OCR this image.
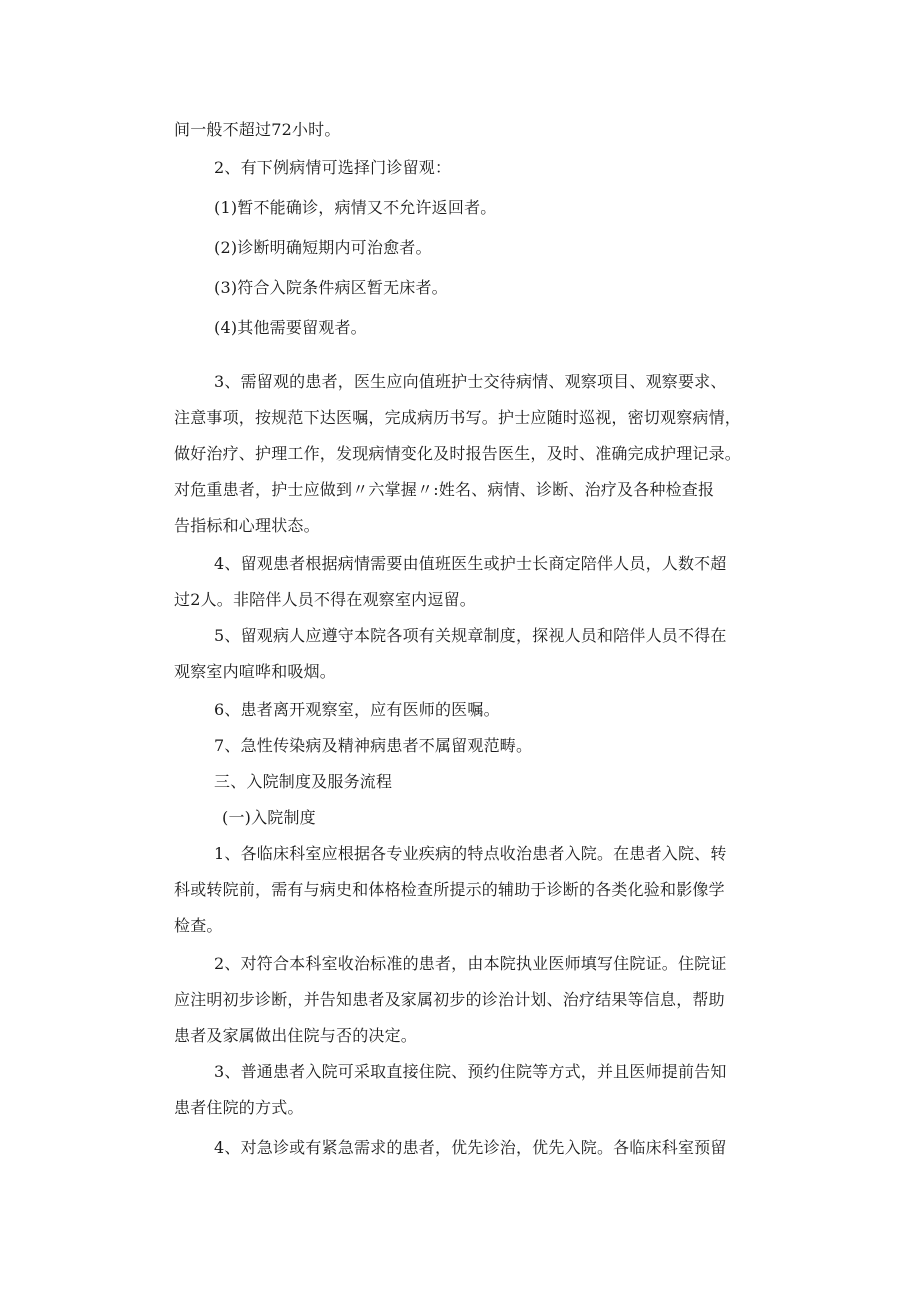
间一般不超过72小时。
2、有下例病情可选择门诊留观：
(1)暂不能确诊，病情又不允许返回者。
(2)诊断明确短期内可治愈者。
(3)符合入院条件病区暂无床者。
(4)其他需要留观者。
3、需留观的患者，医生应向值班护士交待病情、观察项目、观察要求、
注意事项，按规范下达医嘱，完成病历书写。护士应随时巡视，密切观察病情，
做好治疗、护理工作，发现病情变化及时报告医生，及时、准确完成护理记录。
对危重患者，护士应做到〃六掌握〃:姓名、病情、诊断、治疗及各种检查报
告指标和心理状态。
4、留观患者根据病情需要由值班医生或护士长商定陪伴人员，人数不超
过2人。非陪伴人员不得在观察室内逗留。
5、留观病人应遵守本院各项有关规章制度，探视人员和陪伴人员不得在
观察室内喧哗和吸烟。
6、患者离开观察室，应有医师的医嘱。
7、急性传染病及精神病患者不属留观范畴。
三、入院制度及服务流程
(一)入院制度
1、各临床科室应根据各专业疾病的特点收治患者入院。在患者入院、转
科或转院前，需有与病史和体格检查所提示的辅助于诊断的各类化验和影像学
检查。
2、对符合本科室收治标准的患者，由本院执业医师填写住院证。住院证
应注明初步诊断，并告知患者及家属初步的诊治计划、治疗结果等信息，帮助
患者及家属做出住院与否的决定。
3、普通患者入院可采取直接住院、预约住院等方式，并且医师提前告知
患者住院的方式。
4、对急诊或有紧急需求的患者，优先诊治，优先入院。各临床科室预留
